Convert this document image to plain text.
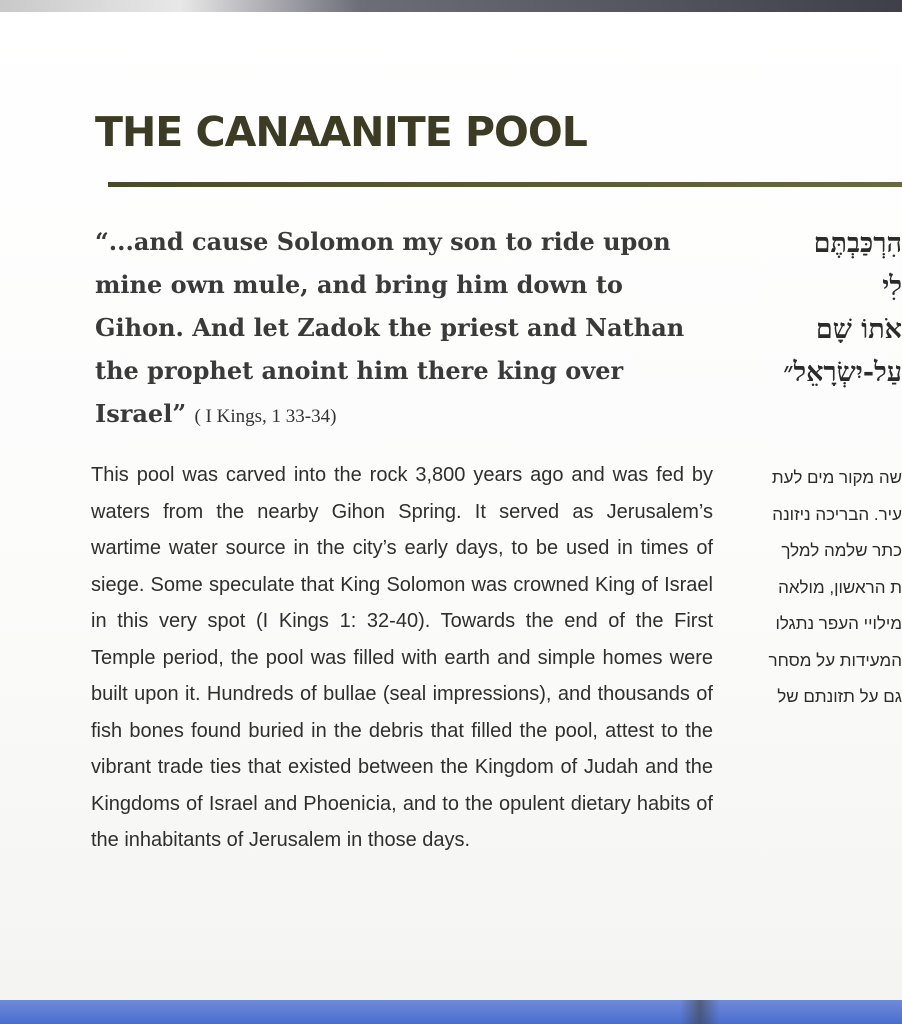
THE CANAANITE POOL

“...and cause Solomon my son to ride upon mine own mule, and bring him down to Gihon. And let Zadok the priest and Nathan the prophet anoint him there king over Israel” ( I Kings, 1 33-34)

This pool was carved into the rock 3,800 years ago and was fed by waters from the nearby Gihon Spring. It served as Jerusalem’s wartime water source in the city’s early days, to be used in times of siege. Some speculate that King Solomon was crowned King of Israel in this very spot (I Kings 1: 32-40). Towards the end of the First Temple period, the pool was filled with earth and simple homes were built upon it. Hundreds of bullae (seal impressions), and thousands of fish bones found buried in the debris that filled the pool, attest to the vibrant trade ties that existed between the Kingdom of Judah and the Kingdoms of Israel and Phoenicia, and to the opulent dietary habits of the inhabitants of Jerusalem in those days.

הִרְכַּבְתֶּם
לִי
אֹתוֹ שָׁם
עַל-יִשְׂרָאֵל״
שה מקור מים לעת
עיר. הבריכה ניזונה
כתר שלמה למלך
ת הראשון, מולאה
מילויי העפר נתגלו
המעידות על מסחר
גם על תזונתם של
